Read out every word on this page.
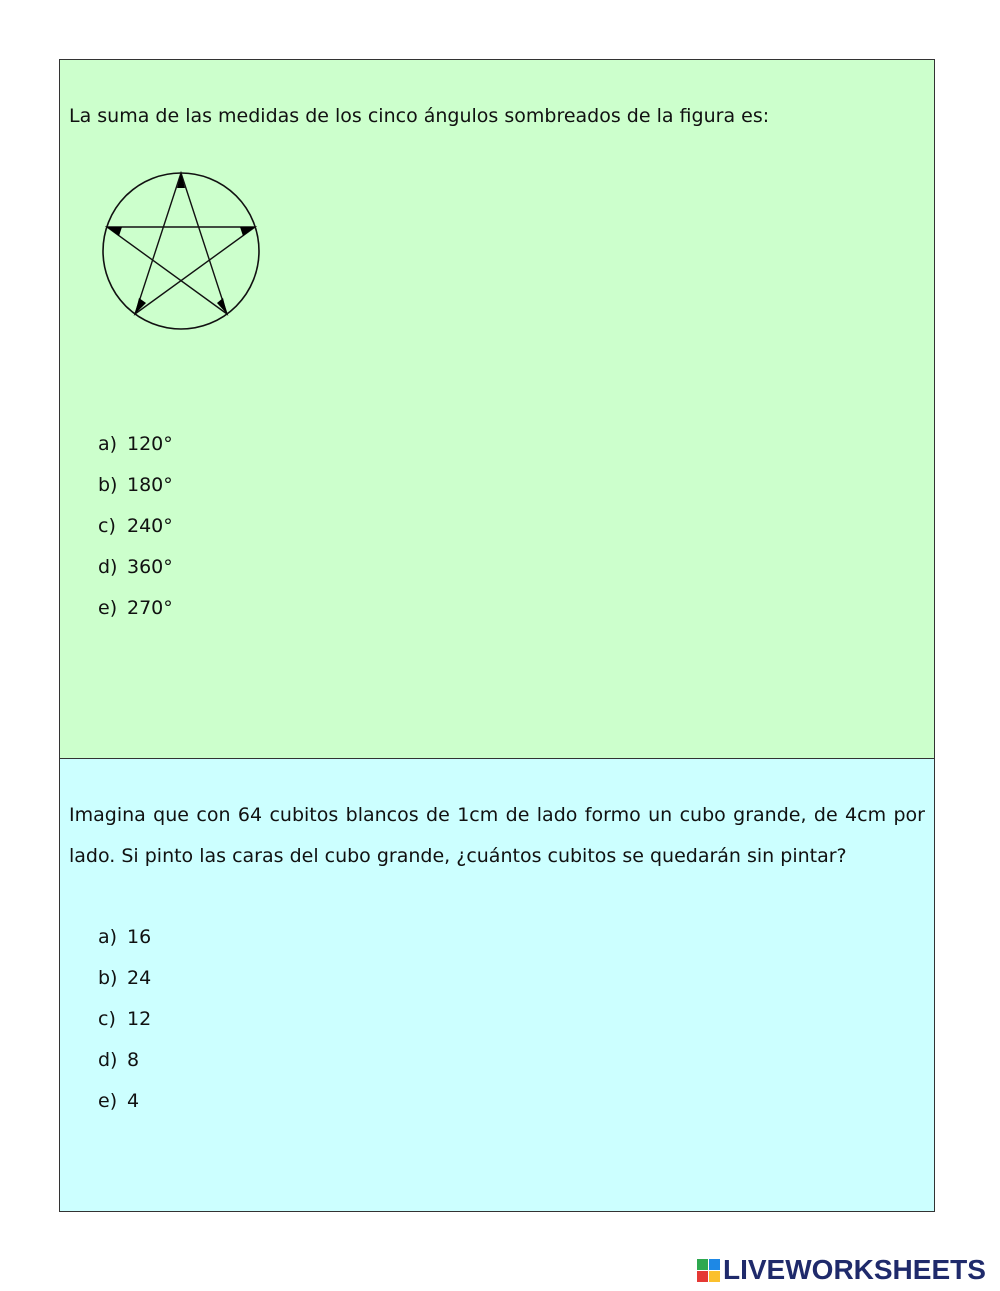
La suma de las medidas de los cinco ángulos sombreados de la figura es:

a) 120°
b) 180°
c) 240°
d) 360°
e) 270°

Imagina que con 64 cubitos blancos de 1cm de lado formo un cubo grande, de 4cm por lado. Si pinto las caras del cubo grande, ¿cuántos cubitos se quedarán sin pintar?

a) 16
b) 24
c) 12
d) 8
e) 4
LIVEWORKSHEETS
